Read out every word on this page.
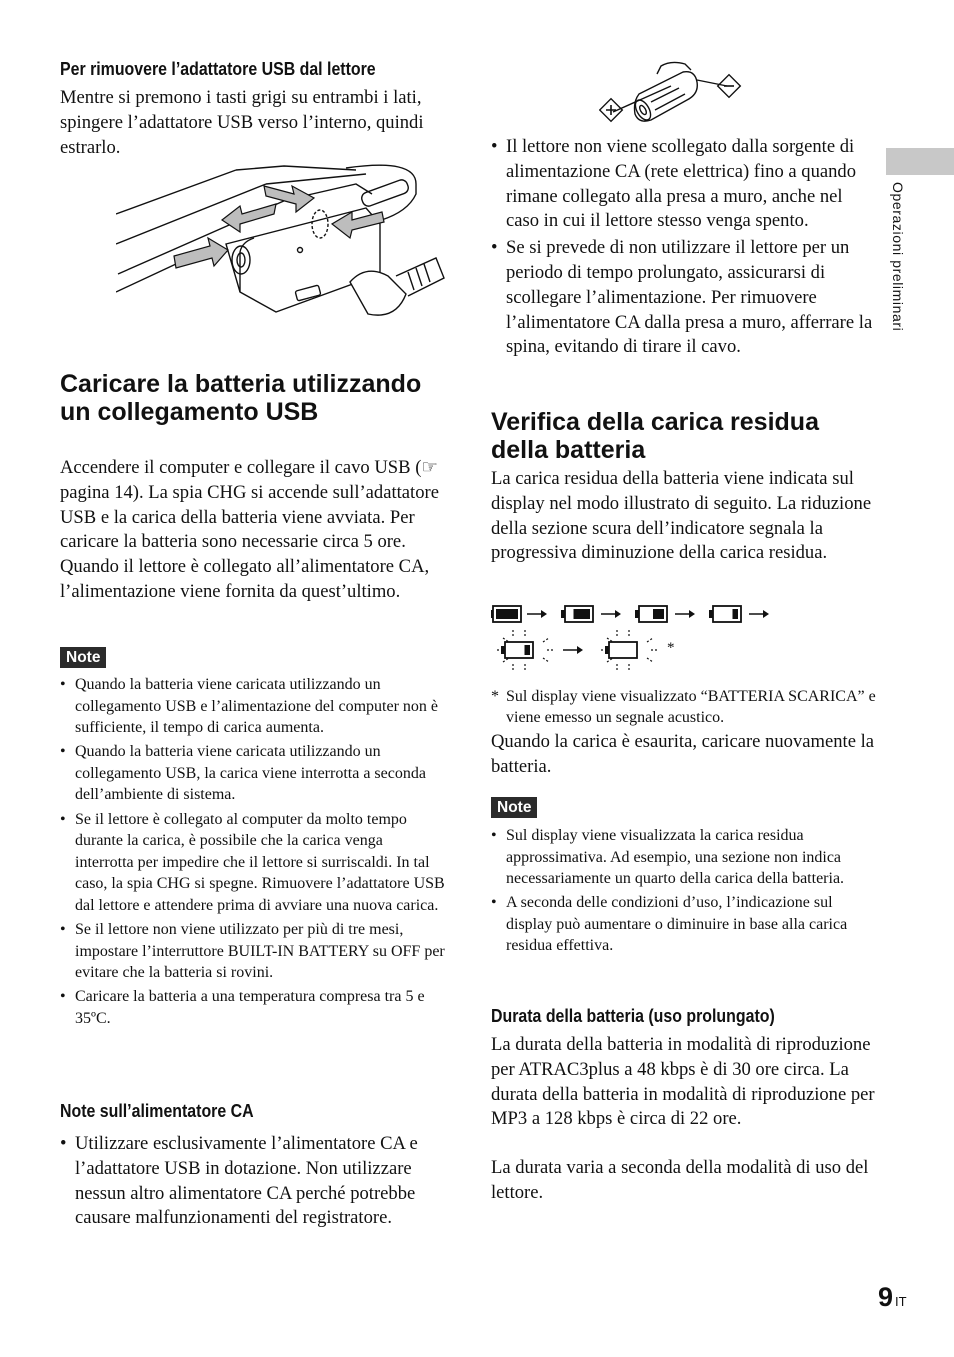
Operazioni preliminari
Per rimuovere l’adattatore USB dal lettore

Mentre si premono i tasti grigi su entrambi i lati, spingere l’adattatore USB verso l’interno, quindi estrarlo.

Caricare la batteria utilizzando un collegamento USB

Accendere il computer e collegare il cavo USB (☞ pagina 14). La spia CHG si accende sull’adattatore USB e la carica della batteria viene avviata. Per caricare la batteria sono necessarie circa 5 ore. Quando il lettore è collegato all’alimentatore CA, l’alimentazione viene fornita da quest’ultimo.

Note
• Quando la batteria viene caricata utilizzando un collegamento USB e l’alimentazione del computer non è sufficiente, il tempo di carica aumenta.
• Quando la batteria viene caricata utilizzando un collegamento USB, la carica viene interrotta a seconda dell’ambiente di sistema.
• Se il lettore è collegato al computer da molto tempo durante la carica, è possibile che la carica venga interrotta per impedire che il lettore si surriscaldi. In tal caso, la spia CHG si spegne. Rimuovere l’adattatore USB dal lettore e attendere prima di avviare una nuova carica.
• Se il lettore non viene utilizzato per più di tre mesi, impostare l’interruttore BUILT-IN BATTERY su OFF per evitare che la batteria si rovini.
• Caricare la batteria a una temperatura compresa tra 5 e 35ºC.
Note sull’alimentatore CA
• Utilizzare esclusivamente l’alimentatore CA e l’adattatore USB in dotazione. Non utilizzare nessun altro alimentatore CA perché potrebbe causare malfunzionamenti del registratore.
• Il lettore non viene scollegato dalla sorgente di alimentazione CA (rete elettrica) fino a quando rimane collegato alla presa a muro, anche nel caso in cui il lettore stesso venga spento.
• Se si prevede di non utilizzare il lettore per un periodo di tempo prolungato, assicurarsi di scollegare l’alimentazione. Per rimuovere l’alimentatore CA dalla presa a muro, afferrare la spina, evitando di tirare il cavo.
Verifica della carica residua della batteria

La carica residua della batteria viene indicata sul display nel modo illustrato di seguito. La riduzione della sezione scura dell’indicatore segnala la progressiva diminuzione della carica residua.

*

* Sul display viene visualizzato “BATTERIA SCARICA” e viene emesso un segnale acustico.

Quando la carica è esaurita, caricare nuovamente la batteria.

Note
• Sul display viene visualizzata la carica residua approssimativa. Ad esempio, una sezione non indica necessariamente un quarto della carica della batteria.
• A seconda delle condizioni d’uso, l’indicazione sul display può aumentare o diminuire in base alla carica residua effettiva.
Durata della batteria (uso prolungato)

La durata della batteria in modalità di riproduzione per ATRAC3plus a 48 kbps è di 30 ore circa. La durata della batteria in modalità di riproduzione per MP3 a 128 kbps è circa di 22 ore.

La durata varia a seconda della modalità di uso del lettore.

9 IT
